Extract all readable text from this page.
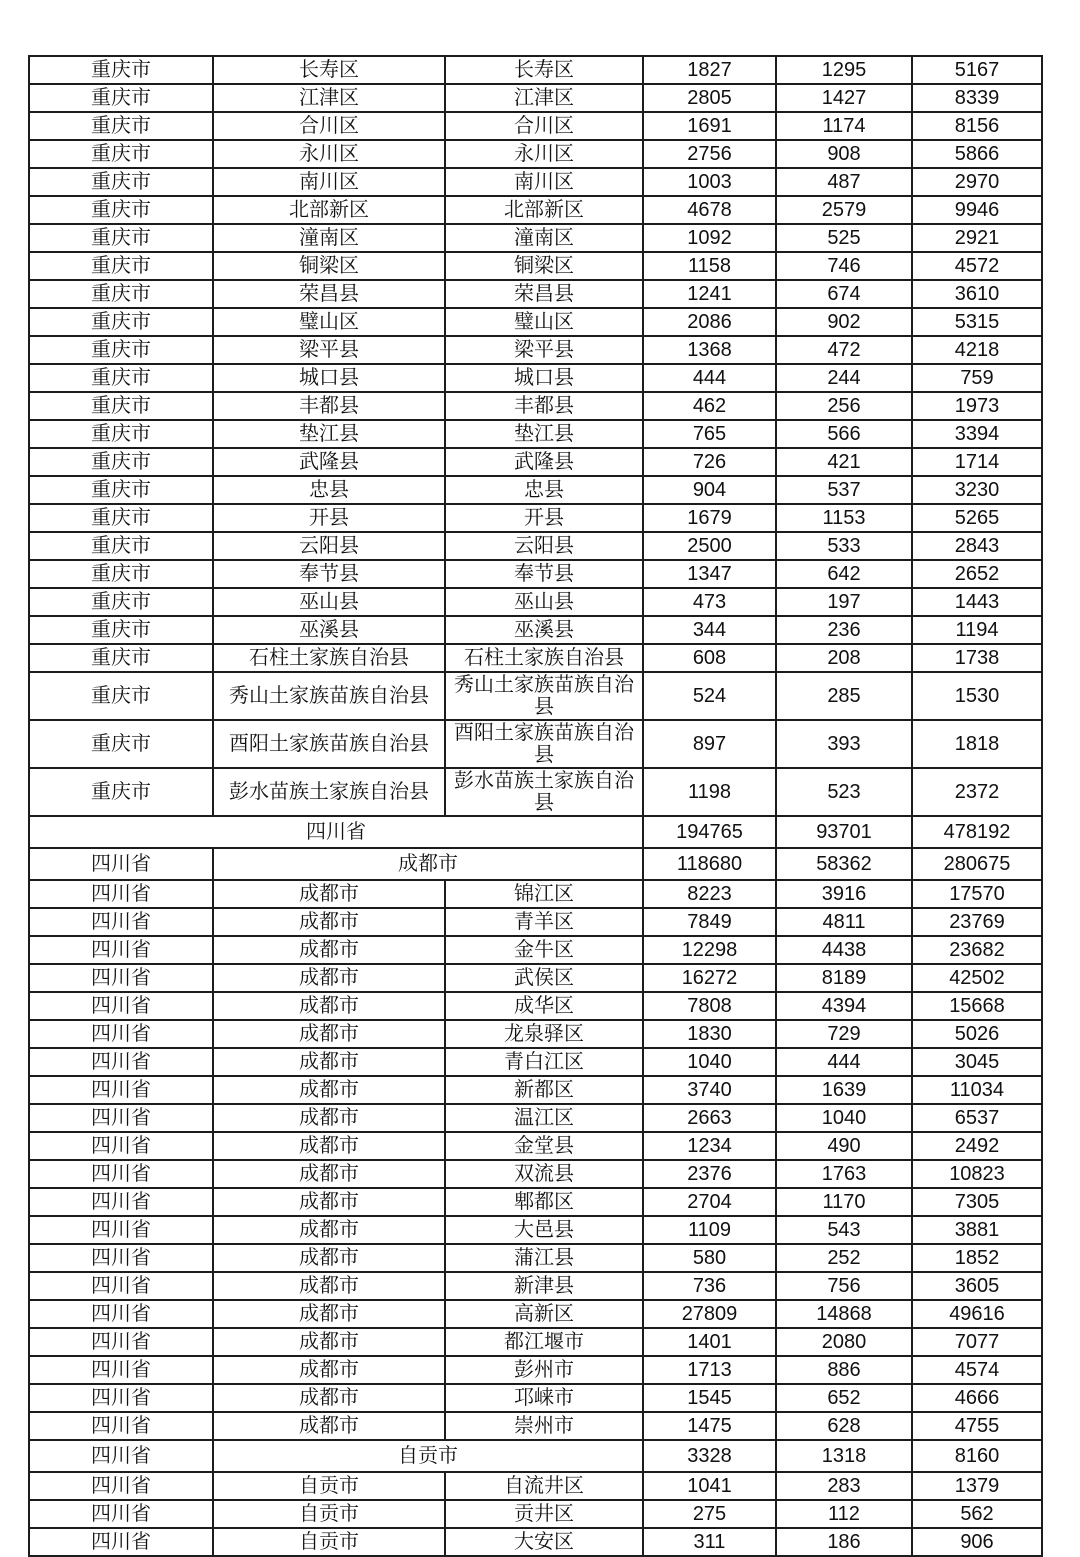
重庆市	长寿区	长寿区	1827	1295	5167
重庆市	江津区	江津区	2805	1427	8339
重庆市	合川区	合川区	1691	1174	8156
重庆市	永川区	永川区	2756	908	5866
重庆市	南川区	南川区	1003	487	2970
重庆市	北部新区	北部新区	4678	2579	9946
重庆市	潼南区	潼南区	1092	525	2921
重庆市	铜梁区	铜梁区	1158	746	4572
重庆市	荣昌县	荣昌县	1241	674	3610
重庆市	璧山区	璧山区	2086	902	5315
重庆市	梁平县	梁平县	1368	472	4218
重庆市	城口县	城口县	444	244	759
重庆市	丰都县	丰都县	462	256	1973
重庆市	垫江县	垫江县	765	566	3394
重庆市	武隆县	武隆县	726	421	1714
重庆市	忠县	忠县	904	537	3230
重庆市	开县	开县	1679	1153	5265
重庆市	云阳县	云阳县	2500	533	2843
重庆市	奉节县	奉节县	1347	642	2652
重庆市	巫山县	巫山县	473	197	1443
重庆市	巫溪县	巫溪县	344	236	1194
重庆市	石柱土家族自治县	石柱土家族自治县	608	208	1738
重庆市	秀山土家族苗族自治县	秀山土家族苗族自治县	524	285	1530
重庆市	酉阳土家族苗族自治县	酉阳土家族苗族自治县	897	393	1818
重庆市	彭水苗族土家族自治县	彭水苗族土家族自治县	1198	523	2372
四川省			194765	93701	478192
四川省	成都市		118680	58362	280675
四川省	成都市	锦江区	8223	3916	17570
四川省	成都市	青羊区	7849	4811	23769
四川省	成都市	金牛区	12298	4438	23682
四川省	成都市	武侯区	16272	8189	42502
四川省	成都市	成华区	7808	4394	15668
四川省	成都市	龙泉驿区	1830	729	5026
四川省	成都市	青白江区	1040	444	3045
四川省	成都市	新都区	3740	1639	11034
四川省	成都市	温江区	2663	1040	6537
四川省	成都市	金堂县	1234	490	2492
四川省	成都市	双流县	2376	1763	10823
四川省	成都市	郫都区	2704	1170	7305
四川省	成都市	大邑县	1109	543	3881
四川省	成都市	蒲江县	580	252	1852
四川省	成都市	新津县	736	756	3605
四川省	成都市	高新区	27809	14868	49616
四川省	成都市	都江堰市	1401	2080	7077
四川省	成都市	彭州市	1713	886	4574
四川省	成都市	邛崃市	1545	652	4666
四川省	成都市	崇州市	1475	628	4755
四川省	自贡市		3328	1318	8160
四川省	自贡市	自流井区	1041	283	1379
四川省	自贡市	贡井区	275	112	562
四川省	自贡市	大安区	311	186	906
